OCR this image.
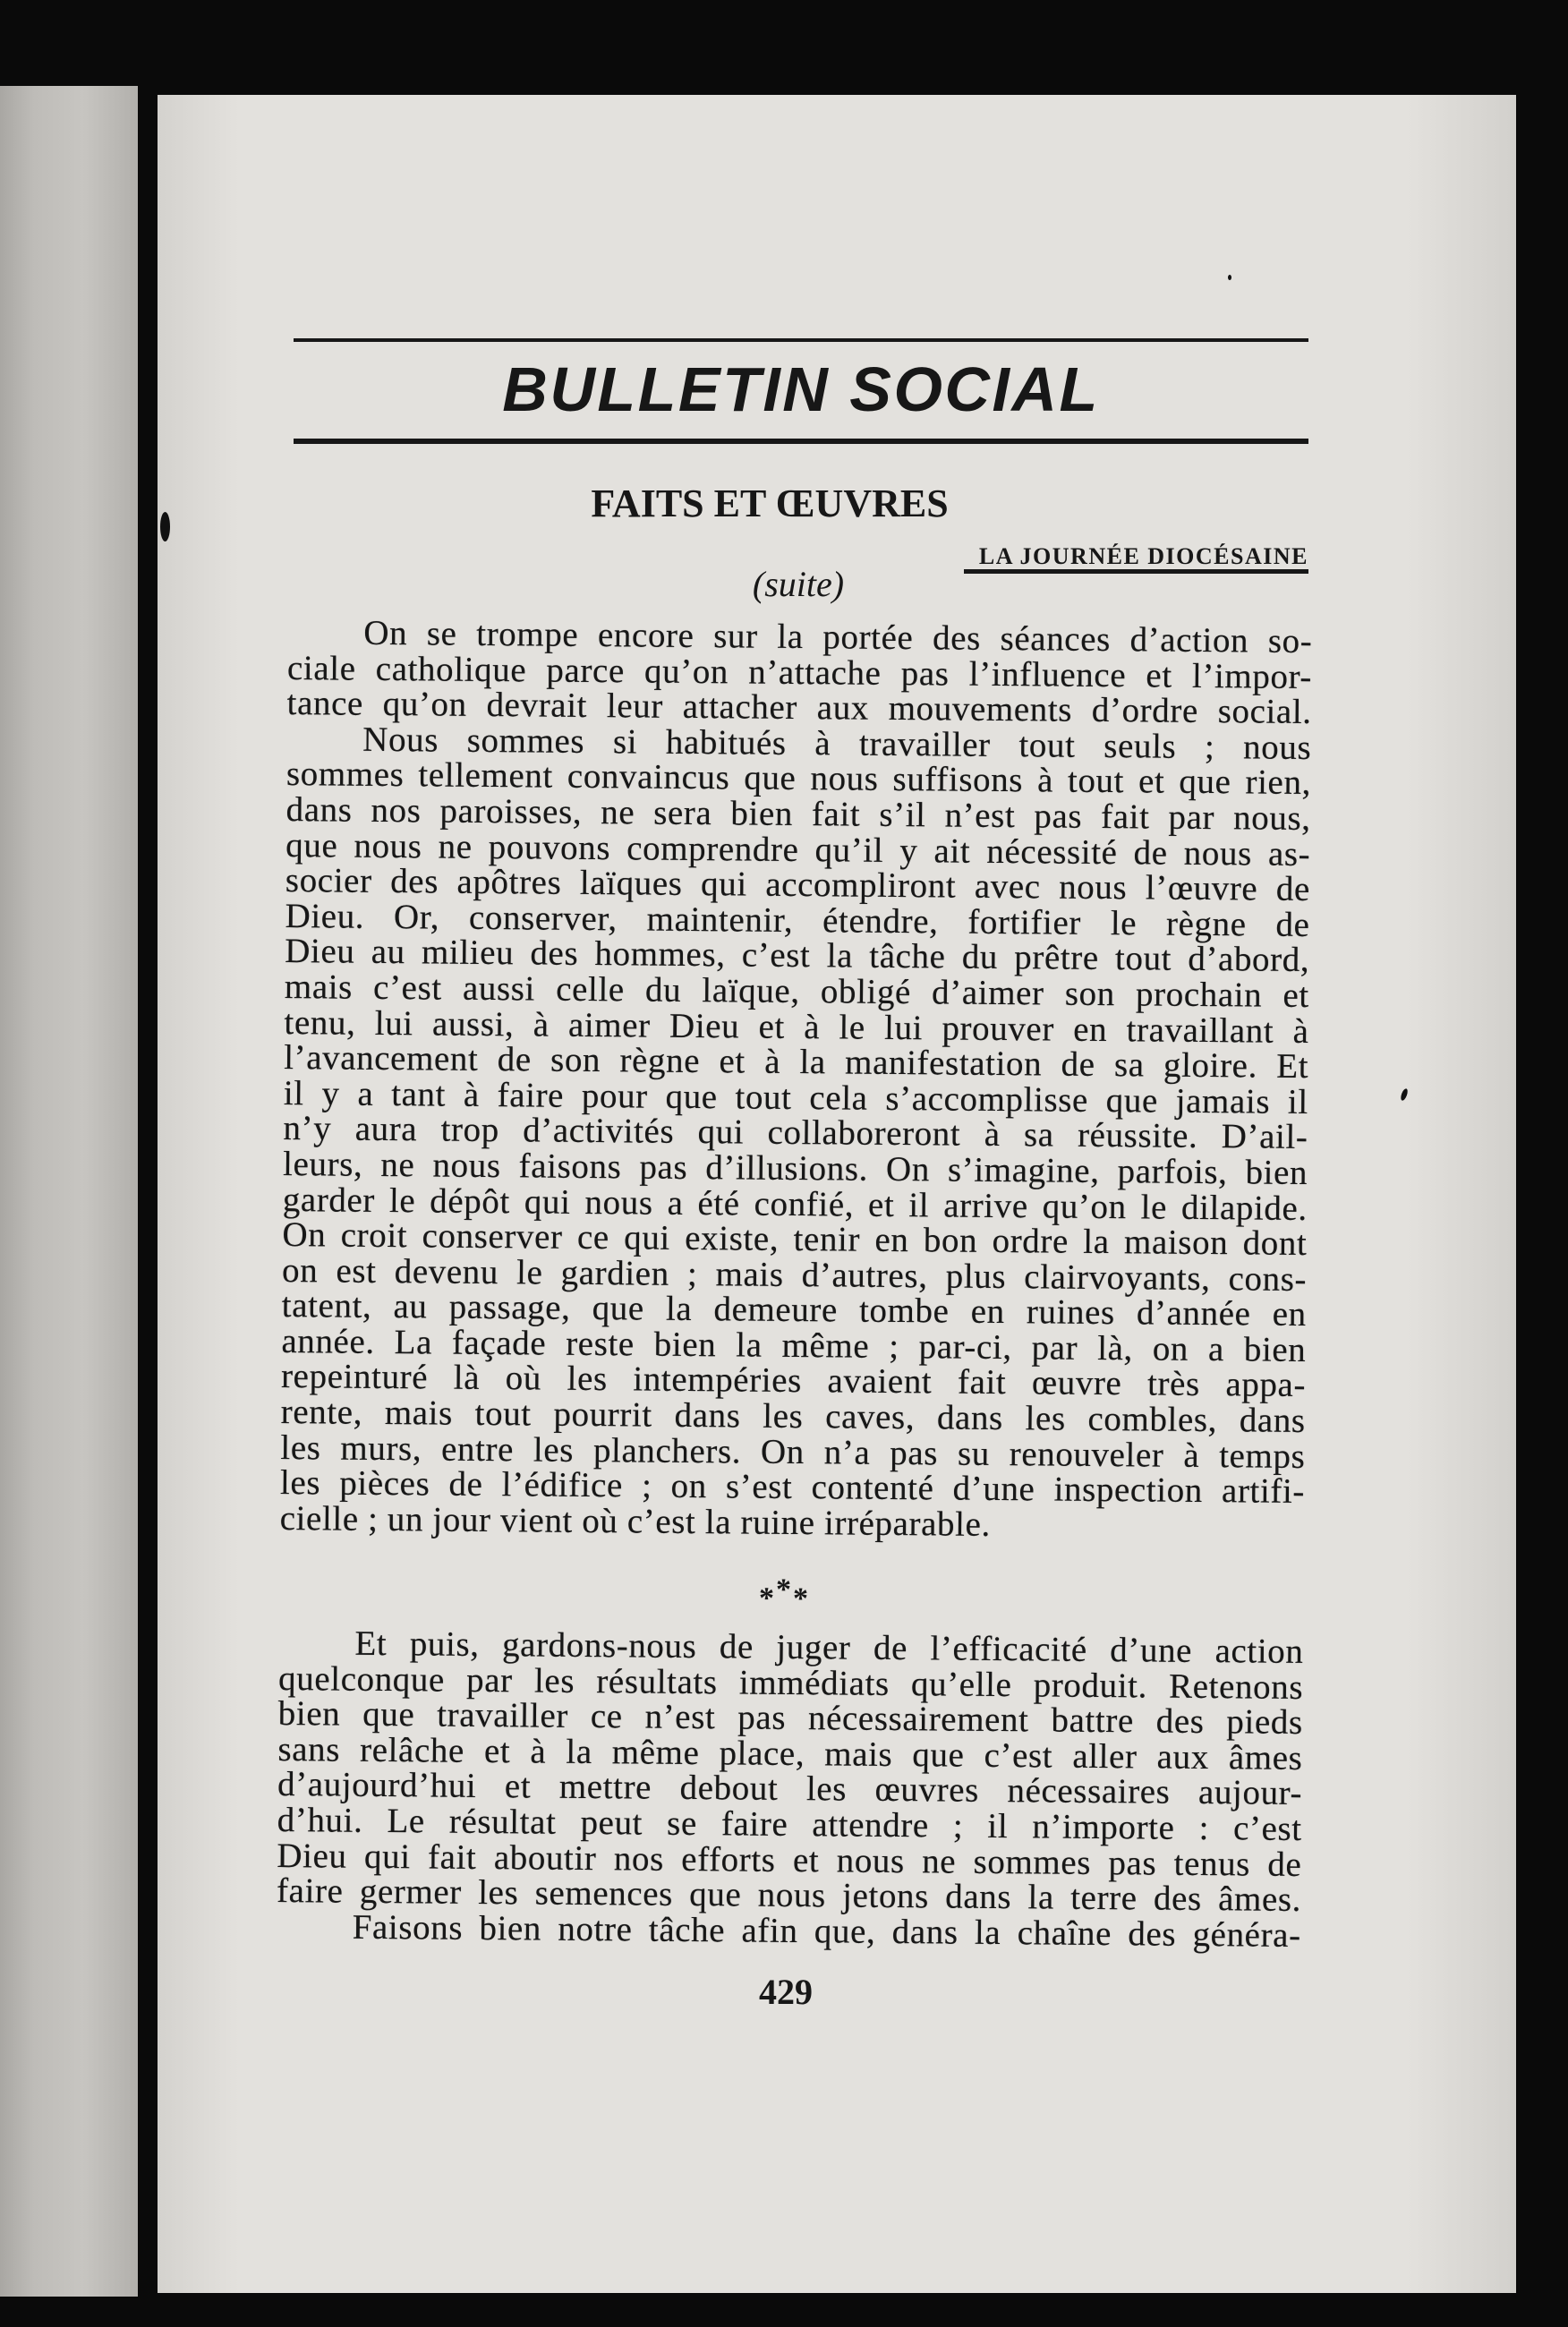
BULLETIN SOCIAL
FAITS ET ŒUVRES
LA JOURNÉE DIOCÉSAINE
(suite)
On se trompe encore sur la portée des séances d’action so-
ciale catholique parce qu’on n’attache pas l’influence et l’impor-
tance qu’on devrait leur attacher aux mouvements d’ordre social.
Nous sommes si habitués à travailler tout seuls ; nous
sommes tellement convaincus que nous suffisons à tout et que rien,
dans nos paroisses, ne sera bien fait s’il n’est pas fait par nous,
que nous ne pouvons comprendre qu’il y ait nécessité de nous as-
socier des apôtres laïques qui accompliront avec nous l’œuvre de
Dieu. Or, conserver, maintenir, étendre, fortifier le règne de
Dieu au milieu des hommes, c’est la tâche du prêtre tout d’abord,
mais c’est aussi celle du laïque, obligé d’aimer son prochain et
tenu, lui aussi, à aimer Dieu et à le lui prouver en travaillant à
l’avancement de son règne et à la manifestation de sa gloire. Et
il y a tant à faire pour que tout cela s’accomplisse que jamais il
n’y aura trop d’activités qui collaboreront à sa réussite. D’ail-
leurs, ne nous faisons pas d’illusions. On s’imagine, parfois, bien
garder le dépôt qui nous a été confié, et il arrive qu’on le dilapide.
On croit conserver ce qui existe, tenir en bon ordre la maison dont
on est devenu le gardien ; mais d’autres, plus clairvoyants, cons-
tatent, au passage, que la demeure tombe en ruines d’année en
année. La façade reste bien la même ; par-ci, par là, on a bien
repeinturé là où les intempéries avaient fait œuvre très appa-
rente, mais tout pourrit dans les caves, dans les combles, dans
les murs, entre les planchers. On n’a pas su renouveler à temps
les pièces de l’édifice ; on s’est contenté d’une inspection artifi-
cielle ; un jour vient où c’est la ruine irréparable.
***
Et puis, gardons-nous de juger de l’efficacité d’une action
quelconque par les résultats immédiats qu’elle produit. Retenons
bien que travailler ce n’est pas nécessairement battre des pieds
sans relâche et à la même place, mais que c’est aller aux âmes
d’aujourd’hui et mettre debout les œuvres nécessaires aujour-
d’hui. Le résultat peut se faire attendre ; il n’importe : c’est
Dieu qui fait aboutir nos efforts et nous ne sommes pas tenus de
faire germer les semences que nous jetons dans la terre des âmes.
Faisons bien notre tâche afin que, dans la chaîne des généra-
429
